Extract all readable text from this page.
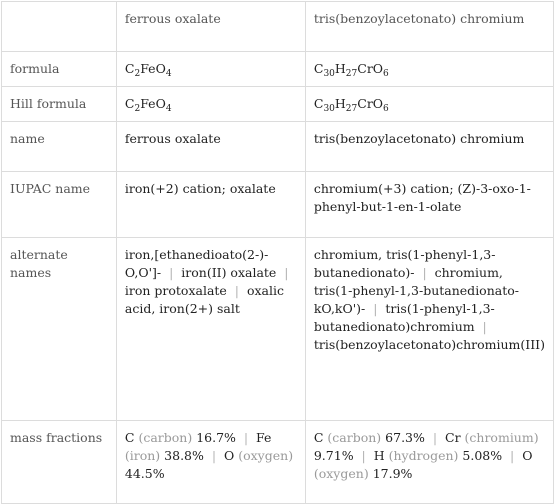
	ferrous oxalate	tris(benzoylacetonato) chromium
formula	$C_2FeO_4$	$C_{30}H_{27}CrO_6$
Hill formula	$C_2FeO_4$	$C_{30}H_{27}CrO_6$
name	ferrous oxalate	tris(benzoylacetonato) chromium
IUPAC name	iron(+2) cation; oxalate	chromium(+3) cation; (Z)-3-oxo-1-phenyl-but-1-en-1-olate
alternate names	iron,[ethanedioato(2-)-O,O']-  |  iron(II) oxalate  |  iron protoxalate  |  oxalic acid, iron(2+) salt	chromium, tris(1-phenyl-1,3-butanedionato)-  |  chromium, tris(1-phenyl-1,3-butanedionato-kO,kO')-  |  tris(1-phenyl-1,3-butanedionato)chromium  |  tris(benzoylacetonato)chromium(III)
mass fractions	C (carbon) 16.7%  |  Fe (iron) 38.8%  |  O (oxygen) 44.5%	C (carbon) 67.3%  |  Cr (chromium) 9.71%  |  H (hydrogen) 5.08%  |  O (oxygen) 17.9%
